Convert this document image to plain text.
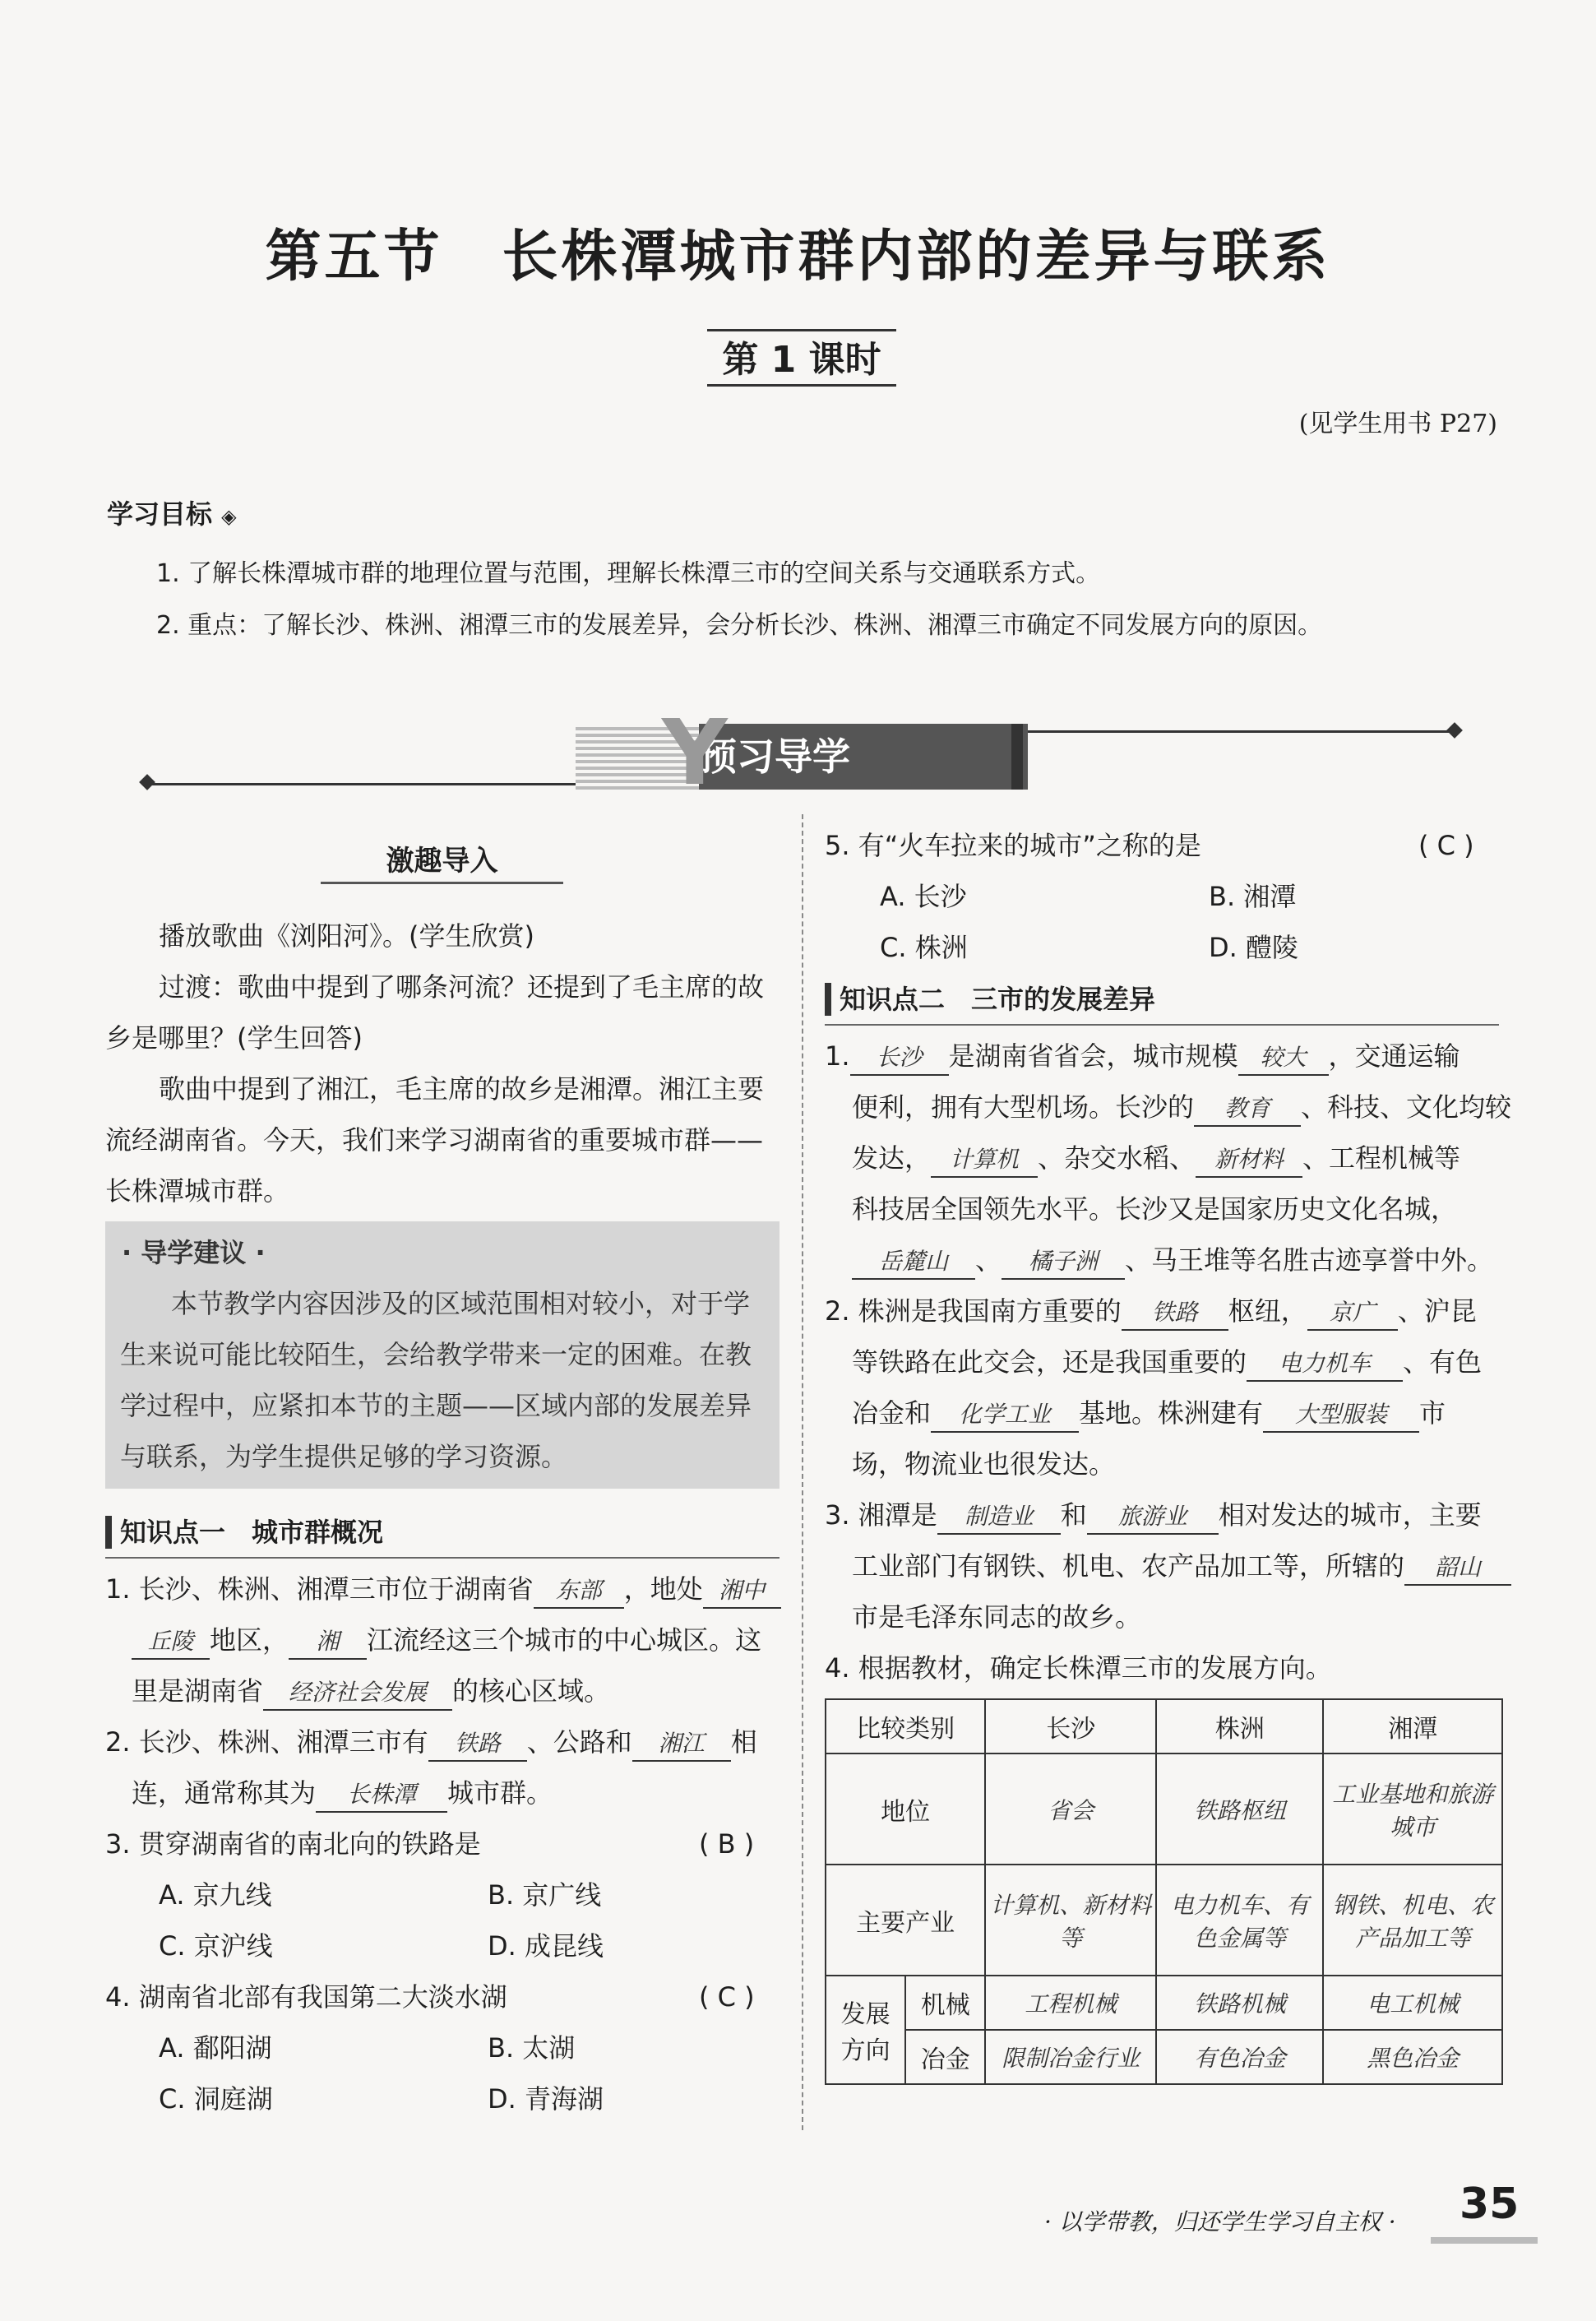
第五节　长株潭城市群内部的差异与联系
第 1 课时
(见学生用书 P27)
学习目标 ◈
1. 了解长株潭城市群的地理位置与范围，理解长株潭三市的空间关系与交通联系方式。
2. 重点：了解长沙、株洲、湘潭三市的发展差异，会分析长沙、株洲、湘潭三市确定不同发展方向的原因。
预习导学
Y
激趣导入
播放歌曲《浏阳河》。(学生欣赏)
过渡：歌曲中提到了哪条河流？还提到了毛主席的故
乡是哪里？(学生回答)
歌曲中提到了湘江，毛主席的故乡是湘潭。湘江主要
流经湖南省。今天，我们来学习湖南省的重要城市群——
长株潭城市群。
· 导学建议 ·
本节教学内容因涉及的区域范围相对较小，对于学
生来说可能比较陌生，会给教学带来一定的困难。在教
学过程中，应紧扣本节的主题——区域内部的发展差异
与联系，为学生提供足够的学习资源。
知识点一　城市群概况
1. 长沙、株洲、湘潭三市位于湖南省 东部 ，地处 湘中
丘陵 地区， 湘 江流经这三个城市的中心城区。这
里是湖南省 经济社会发展 的核心区域。
2. 长沙、株洲、湘潭三市有 铁路 、公路和 湘江 相
连，通常称其为 长株潭 城市群。
3. 贯穿湖南省的南北向的铁路是	( B )
A. 京九线	B. 京广线
C. 京沪线	D. 成昆线
4. 湖南省北部有我国第二大淡水湖	( C )
A. 鄱阳湖	B. 太湖
C. 洞庭湖	D. 青海湖
5. 有“火车拉来的城市”之称的是	( C )
A. 长沙	B. 湘潭
C. 株洲	D. 醴陵
知识点二　三市的发展差异
1. 长沙 是湖南省省会，城市规模 较大 ，交通运输
便利，拥有大型机场。长沙的 教育 、科技、文化均较
发达， 计算机 、杂交水稻、 新材料 、工程机械等
科技居全国领先水平。长沙又是国家历史文化名城，
岳麓山 、 橘子洲 、马王堆等名胜古迹享誉中外。
2. 株洲是我国南方重要的 铁路 枢纽， 京广 、沪昆
等铁路在此交会，还是我国重要的 电力机车 、有色
冶金和 化学工业 基地。株洲建有 大型服装 市
场，物流业也很发达。
3. 湘潭是 制造业 和 旅游业 相对发达的城市，主要
工业部门有钢铁、机电、农产品加工等，所辖的 韶山
市是毛泽东同志的故乡。
4. 根据教材，确定长株潭三市的发展方向。
比较类别		长沙	株洲	湘潭
地位		省会	铁路枢纽	工业基地和旅游城市
主要产业		计算机、新材料等	电力机车、有色金属等	钢铁、机电、农产品加工等
发展方向	机械	工程机械	铁路机械	电工机械
	冶金	限制冶金行业	有色冶金	黑色冶金
· 以学带教，归还学生学习自主权 · 35
